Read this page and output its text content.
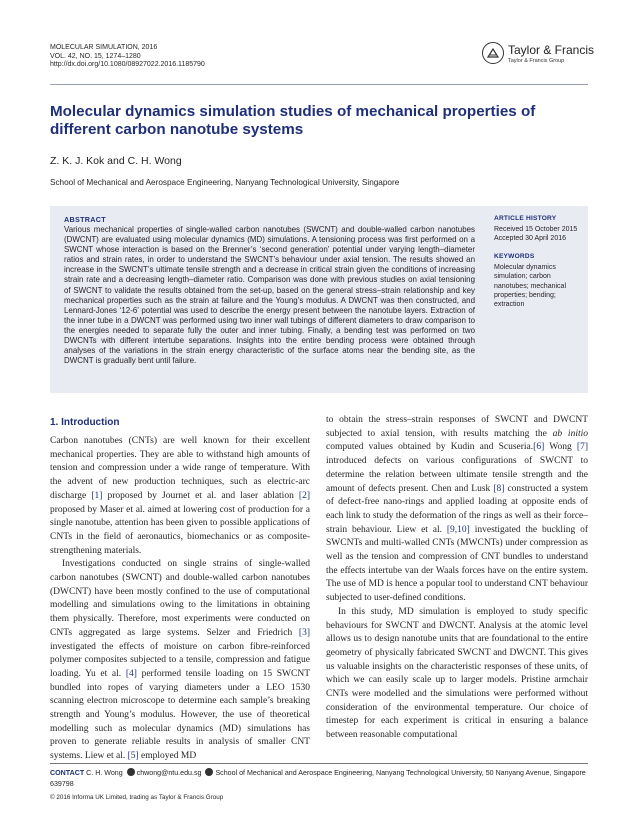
MOLECULAR SIMULATION, 2016
VOL. 42, NO. 15, 1274–1280
http://dx.doi.org/10.1080/08927022.2016.1185790
Taylor & Francis
Taylor & Francis Group
Molecular dynamics simulation studies of mechanical properties of different carbon nanotube systems
Z. K. J. Kok and C. H. Wong
School of Mechanical and Aerospace Engineering, Nanyang Technological University, Singapore
ABSTRACT
Various mechanical properties of single-walled carbon nanotubes (SWCNT) and double-walled carbon nanotubes (DWCNT) are evaluated using molecular dynamics (MD) simulations. A tensioning process was first performed on a SWCNT whose interaction is based on the Brenner’s ‘second generation’ potential under varying length–diameter ratios and strain rates, in order to understand the SWCNT’s behaviour under axial tension. The results showed an increase in the SWCNT’s ultimate tensile strength and a decrease in critical strain given the conditions of increasing strain rate and a decreasing length–diameter ratio. Comparison was done with previous studies on axial tensioning of SWCNT to validate the results obtained from the set-up, based on the general stress–strain relationship and key mechanical properties such as the strain at failure and the Young’s modulus. A DWCNT was then constructed, and Lennard-Jones ‘12-6’ potential was used to describe the energy present between the nanotube layers. Extraction of the inner tube in a DWCNT was performed using two inner wall tubings of different diameters to draw comparison to the energies needed to separate fully the outer and inner tubing. Finally, a bending test was performed on two DWCNTs with different intertube separations. Insights into the entire bending process were obtained through analyses of the variations in the strain energy characteristic of the surface atoms near the bending site, as the DWCNT is gradually bent until failure.
ARTICLE HISTORY
Received 15 October 2015
Accepted 30 April 2016
KEYWORDS
Molecular dynamics simulation; carbon nanotubes; mechanical properties; bending; extraction
1. Introduction

Carbon nanotubes (CNTs) are well known for their excellent mechanical properties. They are able to withstand high amounts of tension and compression under a wide range of temperature. With the advent of new production techniques, such as electric-arc discharge [1] proposed by Journet et al. and laser ablation [2] proposed by Maser et al. aimed at lowering cost of production for a single nanotube, attention has been given to possible applications of CNTs in the field of aeronautics, biomechanics or as composite-strengthening materials.

Investigations conducted on single strains of single-walled carbon nanotubes (SWCNT) and double-walled carbon nanotubes (DWCNT) have been mostly confined to the use of computational modelling and simulations owing to the limitations in obtaining them physically. Therefore, most experiments were conducted on CNTs aggregated as large systems. Selzer and Friedrich [3] investigated the effects of moisture on carbon fibre-reinforced polymer composites subjected to a tensile, compression and fatigue loading. Yu et al. [4] performed tensile loading on 15 SWCNT bundled into ropes of varying diameters under a LEO 1530 scanning electron microscope to determine each sample’s breaking strength and Young’s modulus. However, the use of theoretical modelling such as molecular dynamics (MD) simulations has proven to generate reliable results in analysis of smaller CNT systems. Liew et al. [5] employed MD

to obtain the stress–strain responses of SWCNT and DWCNT subjected to axial tension, with results matching the ab initio computed values obtained by Kudin and Scuseria.[6] Wong [7] introduced defects on various configurations of SWCNT to determine the relation between ultimate tensile strength and the amount of defects present. Chen and Lusk [8] constructed a system of defect-free nano-rings and applied loading at opposite ends of each link to study the deformation of the rings as well as their force–strain behaviour. Liew et al. [9,10] investigated the buckling of SWCNTs and multi-walled CNTs (MWCNTs) under compression as well as the tension and compression of CNT bundles to understand the effects intertube van der Waals forces have on the entire system. The use of MD is hence a popular tool to understand CNT behaviour subjected to user-defined conditions.

In this study, MD simulation is employed to study specific behaviours for SWCNT and DWCNT. Analysis at the atomic level allows us to design nanotube units that are foundational to the entire geometry of physically fabricated SWCNT and DWCNT. This gives us valuable insights on the characteristic responses of these units, of which we can easily scale up to larger models. Pristine armchair CNTs were modelled and the simulations were performed without consideration of the environmental temperature. Our choice of timestep for each experiment is critical in ensuring a balance between reasonable computational

CONTACT C. H. Wong chwong@ntu.edu.sg School of Mechanical and Aerospace Engineering, Nanyang Technological University, 50 Nanyang Avenue, Singapore 639798
© 2016 Informa UK Limited, trading as Taylor & Francis Group
